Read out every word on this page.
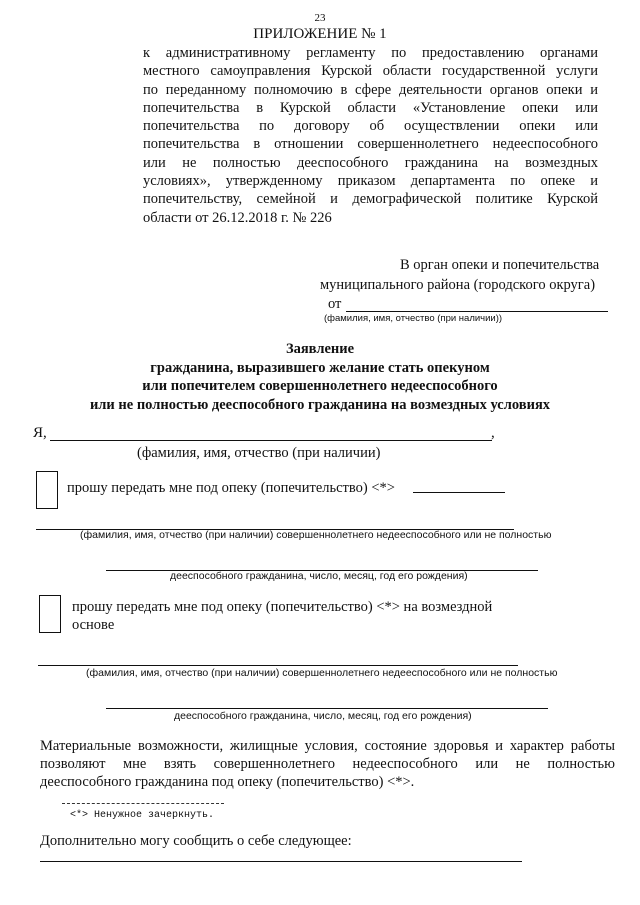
23
ПРИЛОЖЕНИЕ № 1
к административному регламенту по предоставлению органами
местного самоуправления Курской области государственной услуги
по переданному полномочию в сфере деятельности органов опеки и
попечительства в Курской области «Установление опеки или
попечительства по договору об осуществлении опеки или
попечительства в отношении совершеннолетнего недееспособного
или не полностью дееспособного гражданина на возмездных
условиях», утвержденному приказом департамента по опеке и
попечительству, семейной и демографической политике Курской
области от 26.12.2018 г. № 226
В орган опеки и попечительства
муниципального района (городского округа)
от
(фамилия, имя, отчество (при наличии))
Заявление
гражданина, выразившего желание стать опекуном
или попечителем совершеннолетнего недееспособного
или не полностью дееспособного гражданина на возмездных условиях
Я,	,
(фамилия, имя, отчество (при наличии)
прошу передать мне под опеку (попечительство) <*>
(фамилия, имя, отчество (при наличии) совершеннолетнего недееспособного или не полностью
дееспособного гражданина, число, месяц, год его рождения)
прошу передать мне под опеку (попечительство) <*> на возмездной
основе
(фамилия, имя, отчество (при наличии) совершеннолетнего недееспособного или не полностью
дееспособного гражданина, число, месяц, год его рождения)
Материальные возможности, жилищные условия, состояние здоровья и характер работы
позволяют мне взять совершеннолетнего недееспособного или не полностью
дееспособного гражданина под опеку (попечительство) <*>.
<*> Ненужное зачеркнуть.
Дополнительно могу сообщить о себе следующее:
